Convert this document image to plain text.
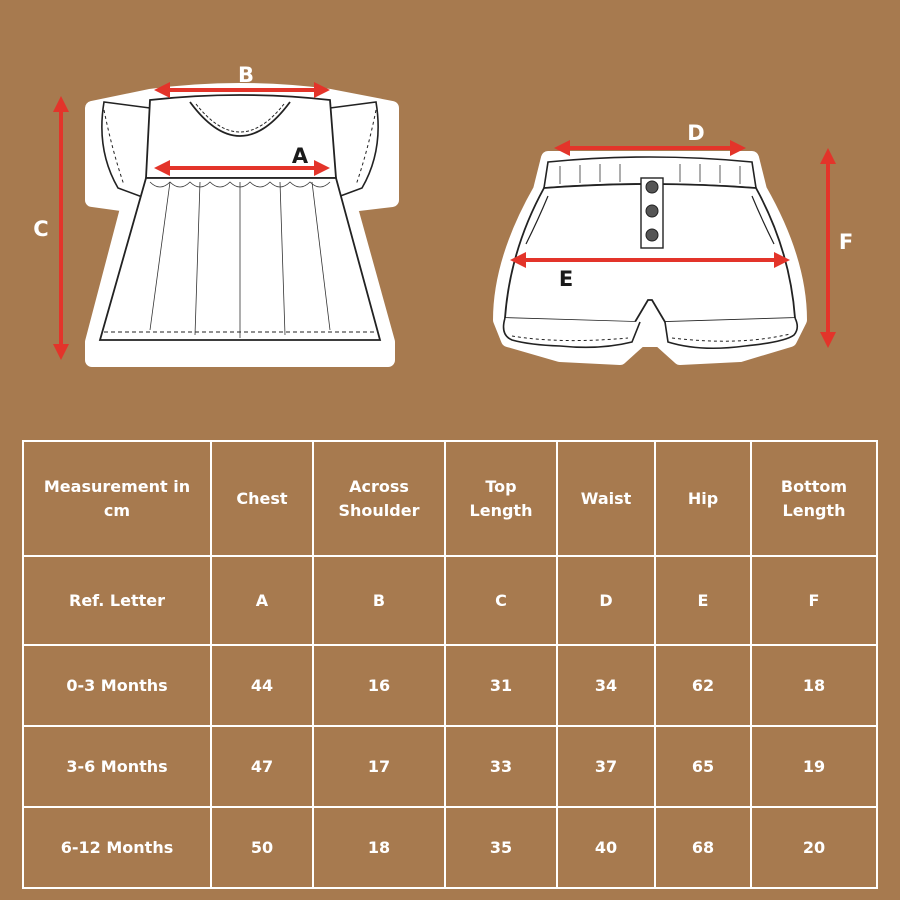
B
A
C
D
E
F
Measurement in cm	Chest	Across Shoulder	Top Length	Waist	Hip	Bottom Length
Ref. Letter	A	B	C	D	E	F
0-3 Months	44	16	31	34	62	18
3-6 Months	47	17	33	37	65	19
6-12 Months	50	18	35	40	68	20
